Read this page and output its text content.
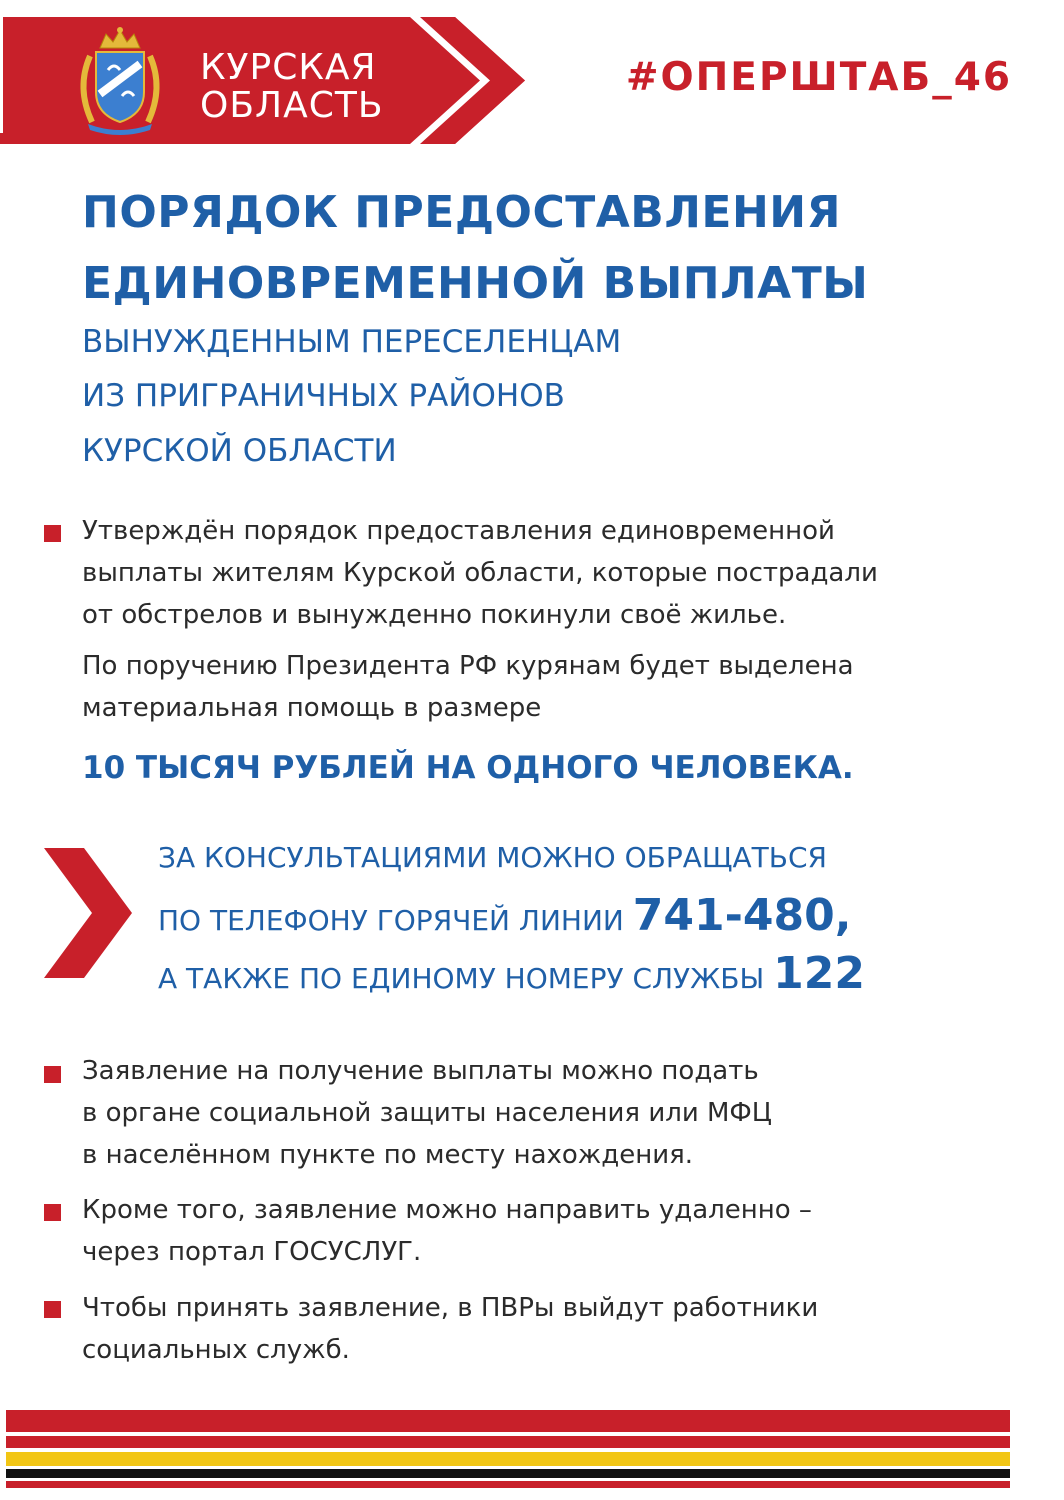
КУРСКАЯ
ОБЛАСТЬ
#ОПЕРШТАБ_46
ПОРЯДОК ПРЕДОСТАВЛЕНИЯ
ЕДИНОВРЕМЕННОЙ ВЫПЛАТЫ
ВЫНУЖДЕННЫМ ПЕРЕСЕЛЕНЦАМ
ИЗ ПРИГРАНИЧНЫХ РАЙОНОВ
КУРСКОЙ ОБЛАСТИ
Утверждён порядок предоставления единовременной
выплаты жителям Курской области, которые пострадали
от обстрелов и вынужденно покинули своё жилье.
По поручению Президента РФ курянам будет выделена
материальная помощь в размере
10 ТЫСЯЧ РУБЛЕЙ НА ОДНОГО ЧЕЛОВЕКА.
ЗА КОНСУЛЬТАЦИЯМИ МОЖНО ОБРАЩАТЬСЯ
ПО ТЕЛЕФОНУ ГОРЯЧЕЙ ЛИНИИ 741-480,
А ТАКЖЕ ПО ЕДИНОМУ НОМЕРУ СЛУЖБЫ 122
Заявление на получение выплаты можно подать
в органе социальной защиты населения или МФЦ
в населённом пункте по месту нахождения.
Кроме того, заявление можно направить удаленно –
через портал ГОСУСЛУГ.
Чтобы принять заявление, в ПВРы выйдут работники
социальных служб.
